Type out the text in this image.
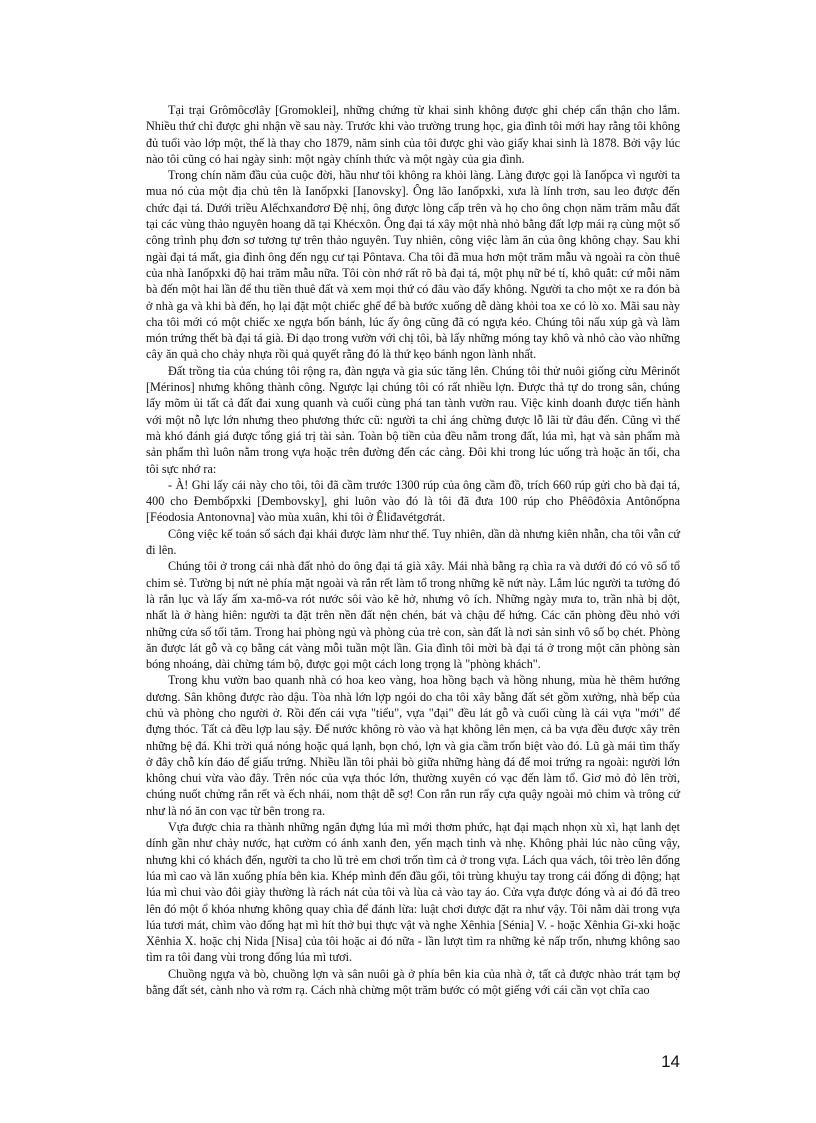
Tại trại Grômôcơlây [Gromoklei], những chứng từ khai sinh không được ghi chép cẩn thận cho lắm. Nhiều thứ chỉ được ghi nhận về sau này. Trước khi vào trường trung học, gia đình tôi mới hay rằng tôi không đủ tuổi vào lớp một, thế là thay cho 1879, năm sinh của tôi được ghi vào giấy khai sinh là 1878. Bởi vậy lúc nào tôi cũng có hai ngày sinh: một ngày chính thức và một ngày của gia đình.

Trong chín năm đầu của cuộc đời, hầu như tôi không ra khỏi làng. Làng được gọi là Ianốpca vì người ta mua nó của một địa chủ tên là Ianốpxki [Ianovsky]. Ông lão Ianốpxki, xưa là lính trơn, sau leo được đến chức đại tá. Dưới triều Alếchxanđơrơ Đệ nhị, ông được lòng cấp trên và họ cho ông chọn năm trăm mẫu đất tại các vùng thảo nguyên hoang dã tại Khécxôn. Ông đại tá xây một nhà nhỏ bằng đất lợp mái rạ cùng một số công trình phụ đơn sơ tương tự trên thảo nguyên. Tuy nhiên, công việc làm ăn của ông không chạy. Sau khi ngài đại tá mất, gia đình ông đến ngụ cư tại Pôntava. Cha tôi đã mua hơn một trăm mẫu và ngoài ra còn thuê của nhà Ianốpxki độ hai trăm mẫu nữa. Tôi còn nhớ rất rõ bà đại tá, một phụ nữ bé tí, khô quắt: cứ mỗi năm bà đến một hai lần để thu tiền thuê đất và xem mọi thứ có đâu vào đấy không. Người ta cho một xe ra đón bà ở nhà ga và khi bà đến, họ lại đặt một chiếc ghế để bà bước xuống dễ dàng khỏi toa xe có lò xo. Mãi sau này cha tôi mới có một chiếc xe ngựa bốn bánh, lúc ấy ông cũng đã có ngựa kéo. Chúng tôi nấu xúp gà và làm món trứng thết bà đại tá già. Đi dạo trong vườn với chị tôi, bà lấy những móng tay khô và nhỏ cào vào những cây ăn quả cho chảy nhựa rồi quả quyết rằng đó là thứ kẹo bánh ngon lành nhất.

Đất trồng tỉa của chúng tôi rộng ra, đàn ngựa và gia súc tăng lên. Chúng tôi thử nuôi giống cừu Mêrinốt [Mérinos] nhưng không thành công. Ngược lại chúng tôi có rất nhiều lợn. Được thả tự do trong sân, chúng lấy mõm ủi tất cả đất đai xung quanh và cuối cùng phá tan tành vườn rau. Việc kinh doanh được tiến hành với một nỗ lực lớn nhưng theo phương thức cũ: người ta chỉ áng chừng được lỗ lãi từ đâu đến. Cũng vì thế mà khó đánh giá được tổng giá trị tài sản. Toàn bộ tiền của đều nằm trong đất, lúa mì, hạt và sản phẩm mà sản phẩm thì luôn nằm trong vựa hoặc trên đường đến các cảng. Đôi khi trong lúc uống trà hoặc ăn tối, cha tôi sực nhớ ra:

- À! Ghi lấy cái này cho tôi, tôi đã cầm trước 1300 rúp của ông cầm đồ, trích 660 rúp gửi cho bà đại tá, 400 cho Đembốpxki [Dembovsky], ghi luôn vào đó là tôi đã đưa 100 rúp cho Phêôđôxia Antônốpna [Féodosia Antonovna] vào mùa xuân, khi tôi ở Êliđavétgơrát.

Công việc kế toán sổ sách đại khái được làm như thế. Tuy nhiên, dần dà nhưng kiên nhẫn, cha tôi vẫn cứ đi lên.

Chúng tôi ở trong cái nhà đất nhỏ do ông đại tá già xây. Mái nhà bằng rạ chìa ra và dưới đó có vô số tổ chim sẻ. Tường bị nứt nẻ phía mặt ngoài và rắn rết làm tổ trong những kẽ nứt này. Lắm lúc người ta tưởng đó là rắn lục và lấy ấm xa-mô-va rót nước sôi vào kẽ hở, nhưng vô ích. Những ngày mưa to, trần nhà bị dột, nhất là ở hàng hiên: người ta đặt trên nền đất nện chén, bát và chậu để hứng. Các căn phòng đều nhỏ với những cửa sổ tối tăm. Trong hai phòng ngủ và phòng của trẻ con, sàn đất là nơi sản sinh vô số bọ chét. Phòng ăn được lát gỗ và cọ bằng cát vàng mỗi tuần một lần. Gia đình tôi mời bà đại tá ở trong một căn phòng sàn bóng nhoáng, dài chừng tám bộ, được gọi một cách long trọng là "phòng khách".

Trong khu vườn bao quanh nhà có hoa keo vàng, hoa hồng bạch và hồng nhung, mùa hè thêm hướng dương. Sân không được rào dậu. Tòa nhà lớn lợp ngói do cha tôi xây bằng đất sét gồm xưởng, nhà bếp của chủ và phòng cho người ở. Rồi đến cái vựa "tiểu", vựa "đại" đều lát gỗ và cuối cùng là cái vựa "mới" để đựng thóc. Tất cả đều lợp lau sậy. Để nước không rò vào và hạt không lên mẹn, cả ba vựa đều được xây trên những bệ đá. Khi trời quá nóng hoặc quá lạnh, bọn chó, lợn và gia cầm trốn biệt vào đó. Lũ gà mái tìm thấy ở đây chỗ kín đáo để giấu trứng. Nhiều lần tôi phải bò giữa những hàng đá để moi trứng ra ngoài: người lớn không chui vừa vào đây. Trên nóc của vựa thóc lớn, thường xuyên có vạc đến làm tổ. Giơ mỏ đỏ lên trời, chúng nuốt chửng rắn rết và ếch nhái, nom thật dễ sợ! Con rắn run rẩy cựa quậy ngoài mỏ chim và trông cứ như là nó ăn con vạc từ bên trong ra.

Vựa được chia ra thành những ngăn đựng lúa mì mới thơm phức, hạt đại mạch nhọn xù xì, hạt lanh dẹt dính gần như chảy nước, hạt cườm có ánh xanh đen, yến mạch tinh và nhẹ. Không phải lúc nào cũng vậy, nhưng khi có khách đến, người ta cho lũ trẻ em chơi trốn tìm cả ở trong vựa. Lách qua vách, tôi trèo lên đống lúa mì cao và lăn xuống phía bên kia. Khép mình đến đầu gối, tôi trùng khuỷu tay trong cái đống di động; hạt lúa mì chui vào đôi giày thường là rách nát của tôi và lùa cả vào tay áo. Cửa vựa được đóng và ai đó đã treo lên đó một ổ khóa nhưng không quay chìa để đánh lừa: luật chơi được đặt ra như vậy. Tôi nằm dài trong vựa lúa tươi mát, chìm vào đống hạt mì hít thở bụi thực vật và nghe Xênhia [Sénia] V. - hoặc Xênhia Gi-xki hoặc Xênhia X. hoặc chị Nida [Nisa] của tôi hoặc ai đó nữa - lần lượt tìm ra những kẻ nấp trốn, nhưng không sao tìm ra tôi đang vùi trong đống lúa mì tươi.

Chuồng ngựa và bò, chuồng lợn và sân nuôi gà ở phía bên kia của nhà ở, tất cả được nhào trát tạm bợ bằng đất sét, cành nho và rơm rạ. Cách nhà chừng một trăm bước có một giếng với cái cần vọt chĩa cao

14
